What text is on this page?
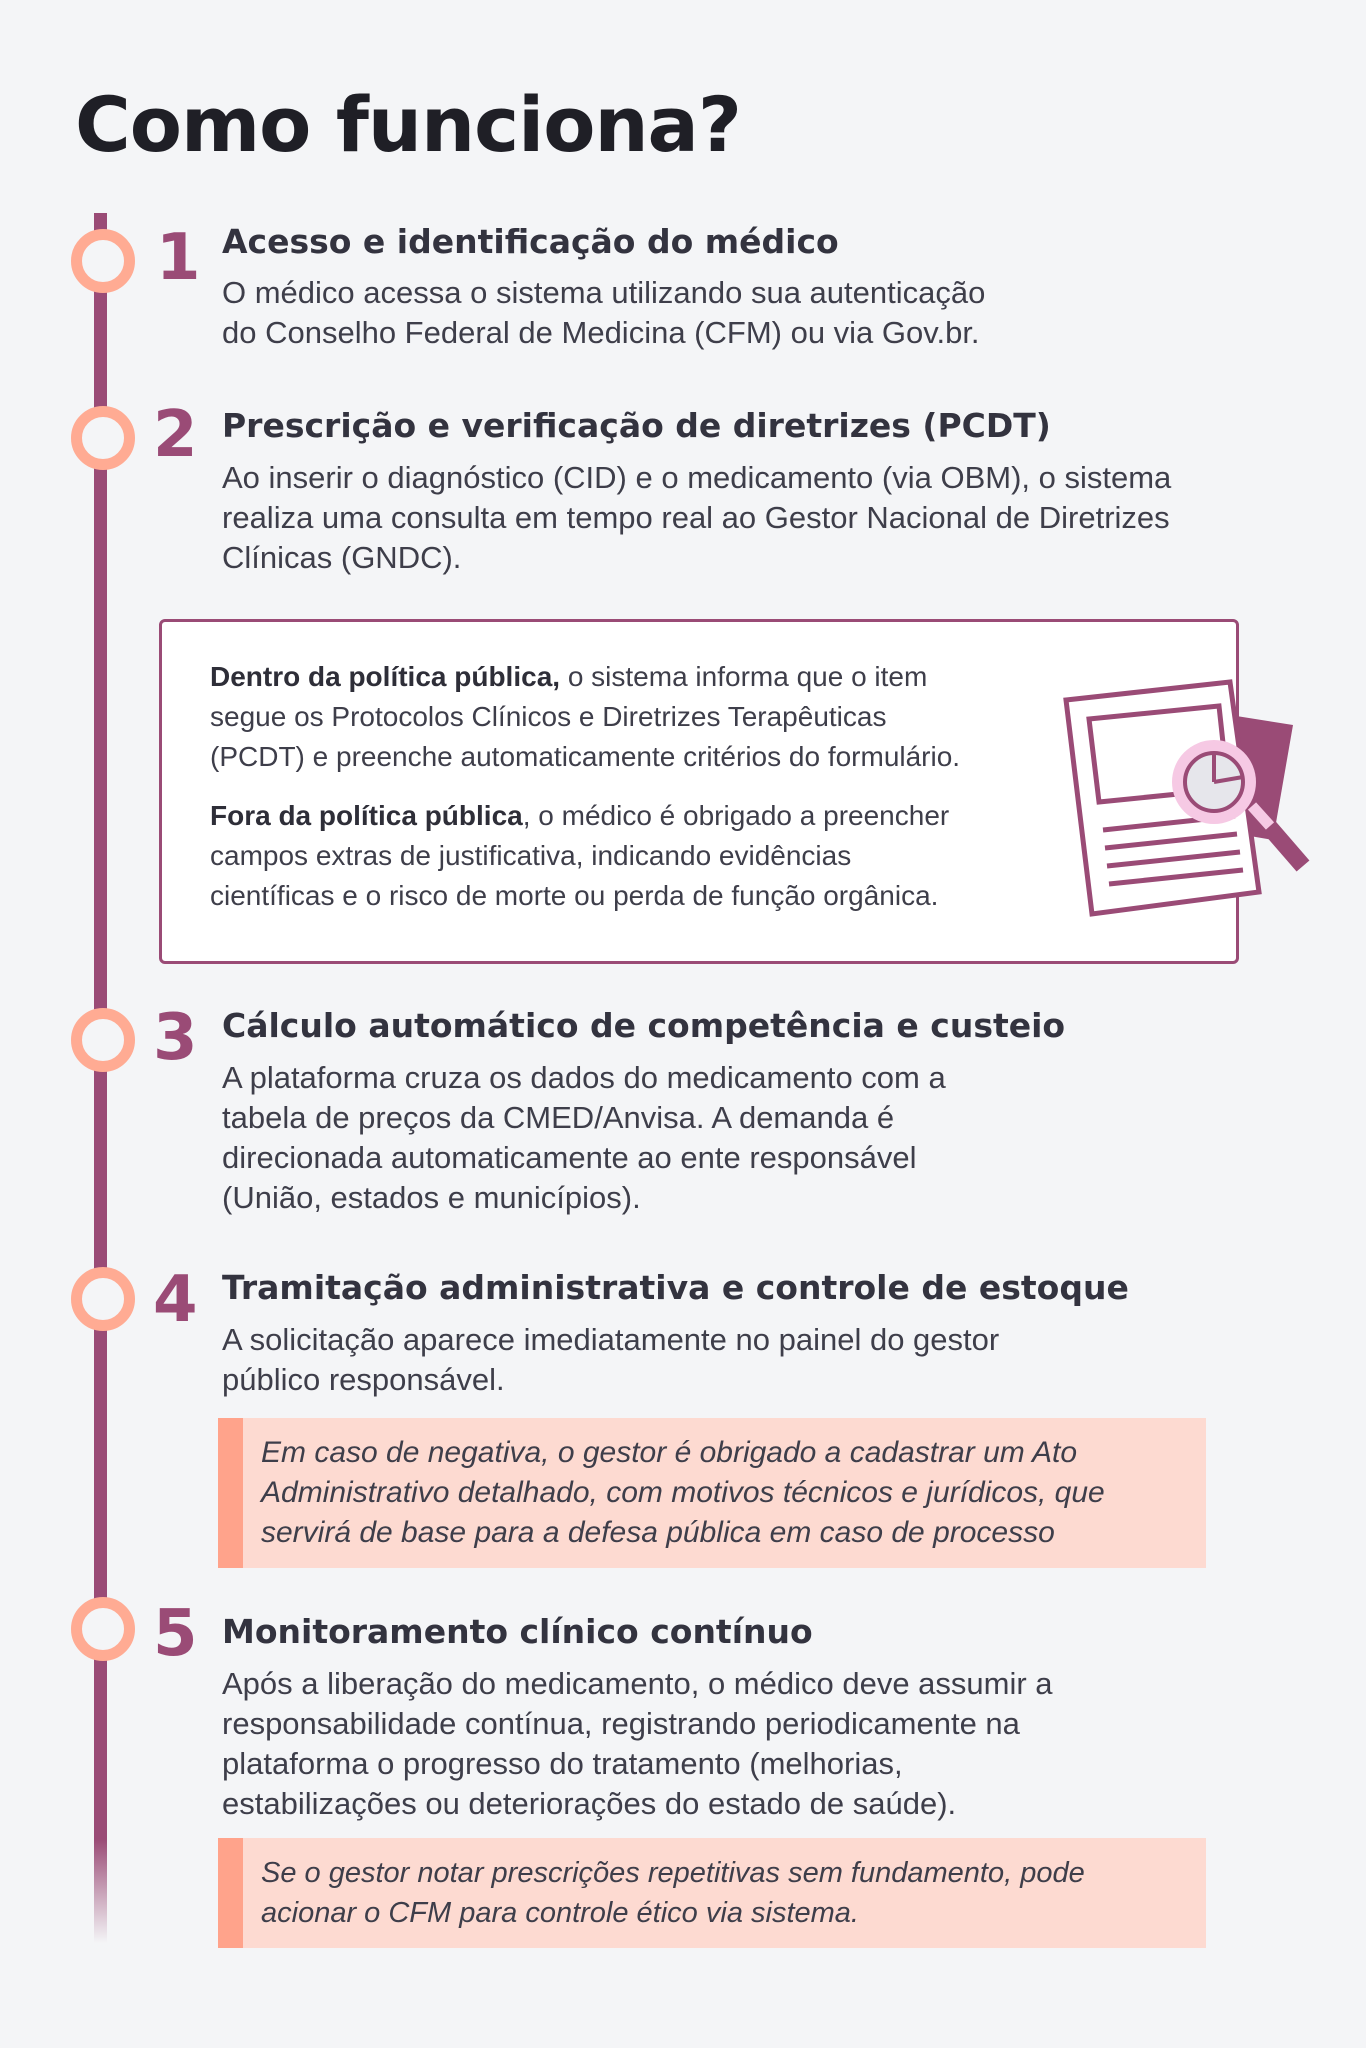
Como funciona?
1 Acesso e identificação do médico
O médico acessa o sistema utilizando sua autenticação
do Conselho Federal de Medicina (CFM) ou via Gov.br.
2 Prescrição e verificação de diretrizes (PCDT)
Ao inserir o diagnóstico (CID) e o medicamento (via OBM), o sistema
realiza uma consulta em tempo real ao Gestor Nacional de Diretrizes
Clínicas (GNDC).

Dentro da política pública, o sistema informa que o item
segue os Protocolos Clínicos e Diretrizes Terapêuticas
(PCDT) e preenche automaticamente critérios do formulário.

Fora da política pública, o médico é obrigado a preencher
campos extras de justificativa, indicando evidências
científicas e o risco de morte ou perda de função orgânica.

3 Cálculo automático de competência e custeio
A plataforma cruza os dados do medicamento com a
tabela de preços da CMED/Anvisa. A demanda é
direcionada automaticamente ao ente responsável
(União, estados e municípios).
4 Tramitação administrativa e controle de estoque
A solicitação aparece imediatamente no painel do gestor
público responsável.

Em caso de negativa, o gestor é obrigado a cadastrar um Ato
Administrativo detalhado, com motivos técnicos e jurídicos, que
servirá de base para a defesa pública em caso de processo

5 Monitoramento clínico contínuo
Após a liberação do medicamento, o médico deve assumir a
responsabilidade contínua, registrando periodicamente na
plataforma o progresso do tratamento (melhorias,
estabilizações ou deteriorações do estado de saúde).

Se o gestor notar prescrições repetitivas sem fundamento, pode
acionar o CFM para controle ético via sistema.
